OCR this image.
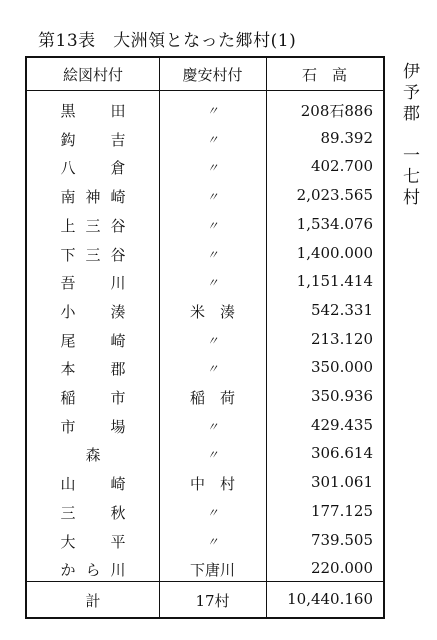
第13表　大洲領となった郷村(1)
絵図村付	慶安村付	石　高
黒　田	〃	208石886
鈎　吉	〃	89.392
八　倉	〃	402.700
南神崎	〃	2,023.565
上三谷	〃	1,534.076
下三谷	〃	1,400.000
吾　川	〃	1,151.414
小　湊	米　湊	542.331
尾　崎	〃	213.120
本　郡	〃	350.000
稲　市	稲　荷	350.936
市　場	〃	429.435
森	〃	306.614
山　崎	中　村	301.061
三　秋	〃	177.125
大　平	〃	739.505
から川	下唐川	220.000
計	17村	10,440.160
伊予郡　一七村
